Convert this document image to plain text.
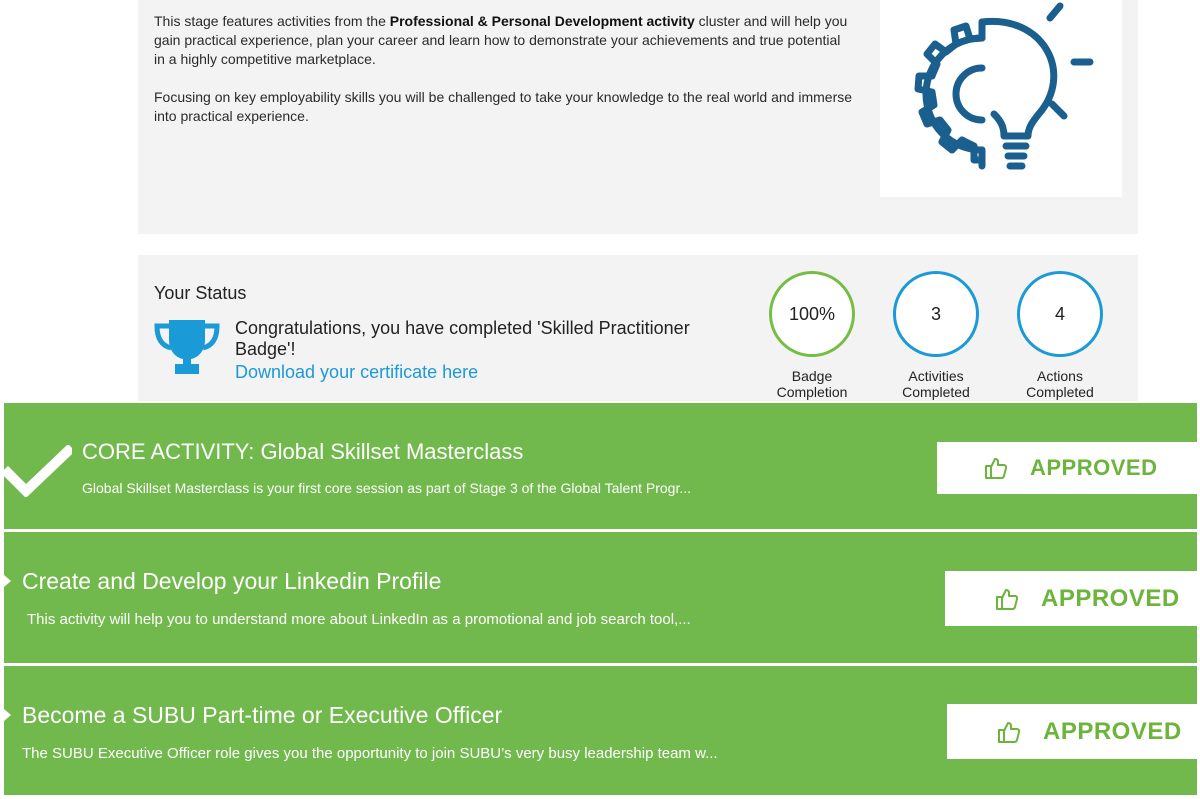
This stage features activities from the Professional & Personal Development activity cluster and will help you gain practical experience, plan your career and learn how to demonstrate your achievements and true potential in a highly competitive marketplace.

Focusing on key employability skills you will be challenged to take your knowledge to the real world and immerse into practical experience.

Your Status
Congratulations, you have completed 'Skilled Practitioner Badge'!
Download your certificate here
100%
Badge Completion
3
Activities Completed
4
Actions Completed
CORE ACTIVITY: Global Skillset Masterclass
Global Skillset Masterclass is your first core session as part of Stage 3 of the Global Talent Progr...
APPROVED
Create and Develop your Linkedin Profile
This activity will help you to understand more about LinkedIn as a promotional and job search tool,...
APPROVED
Become a SUBU Part-time or Executive Officer
The SUBU Executive Officer role gives you the opportunity to join SUBU’s very busy leadership team w...
APPROVED
